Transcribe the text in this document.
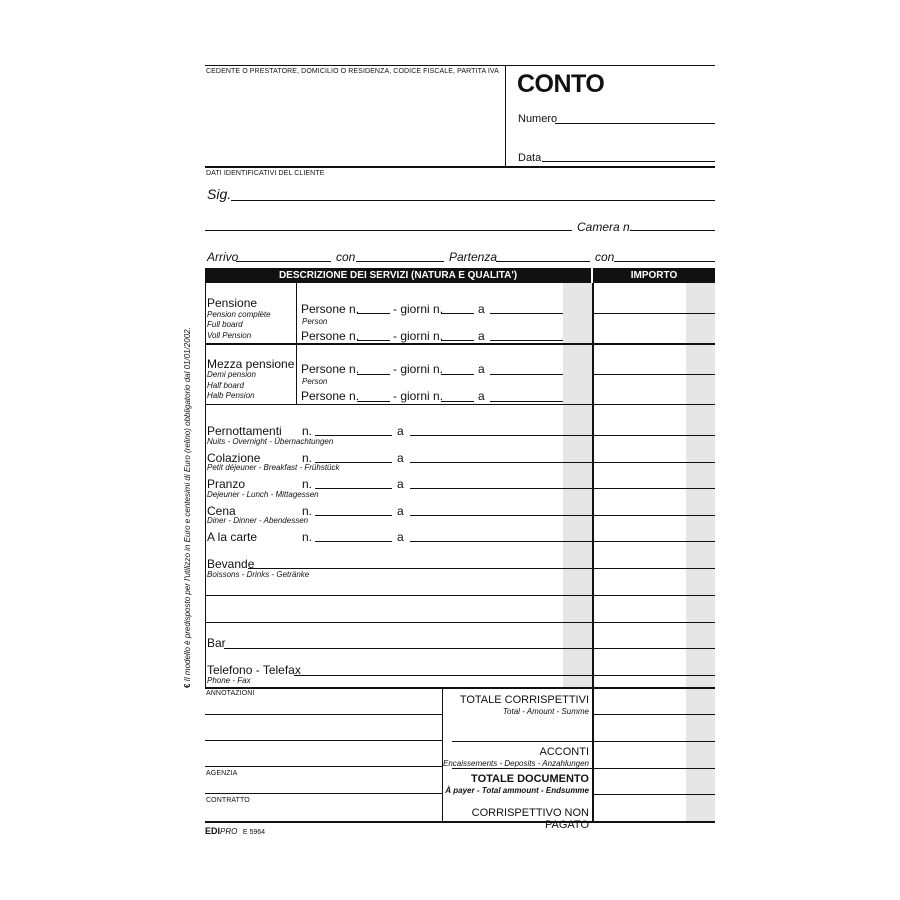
CEDENTE O PRESTATORE, DOMICILIO O RESIDENZA, CODICE FISCALE, PARTITA IVA CONTO
Numero
Data
DATI IDENTIFICATIVI DEL CLIENTE
Sig.
Camera n.
Arrivo	con	Partenza	con
DESCRIZIONE DEI SERVIZI (NATURA E QUALITA')	IMPORTO
Pensione
Pension complète
Full board
Voll Pension
Persone n.	- giorni n.	a
Person
Persone n.	- giorni n.	a
Mezza pensione
Demi pension
Half board
Halb Pension
Persone n.	- giorni n.	a
Person
Persone n.	- giorni n.	a
Pernottamenti
Nuits - Overnight - Übernachtungen
n.	a
Colazione
Petit déjeuner - Breakfast - Frühstück
n.	a
Pranzo
Dejeuner - Lunch - Mittagessen
n.	a
Cena
Diner - Dinner - Abendessen
n.	a
A la carte	n.	a
Bevande
Boissons - Drinks - Getränke
Bar
Telefono - Telefax
Phone - Fax
ANNOTAZIONI
AGENZIA
CONTRATTO
TOTALE CORRISPETTIVI
Total - Amount - Summe
ACCONTI
Encaissements - Deposits - Anzahlungen
TOTALE DOCUMENTO
À payer - Total ammount - Endsumme
CORRISPETTIVO NON PAGATO
EDIPRO E 5964
€ Il modello è predisposto per l'utilizzo in Euro e centesimi di Euro (relino) obbligatorio dal 01/01/2002.
